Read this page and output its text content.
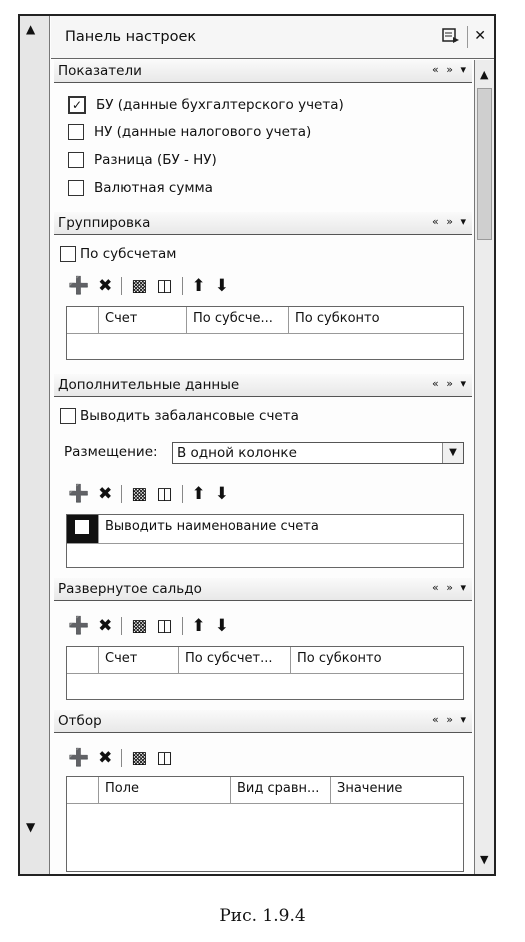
▲
▼
Панель настроек	✕
▲
▼
Показатели	« » ▾
✓ БУ (данные бухгалтерского учета)
НУ (данные налогового учета)
Разница (БУ - НУ)
Валютная сумма
Группировка	« » ▾
По субсчетам
➕ ✖ ▩ ◫ ⬆ ⬇
Счет	По субсче...	По субконто
Дополнительные данные	« » ▾
Выводить забалансовые счета
Размещение:	В одной колонке	▼
➕ ✖ ▩ ◫ ⬆ ⬇
Выводить наименование счета
Развернутое сальдо	« » ▾
➕ ✖ ▩ ◫ ⬆ ⬇
Счет	По субсчет...	По субконто
Отбор	« » ▾
➕ ✖ ▩ ◫
Поле	Вид сравн...	Значение
Рис. 1.9.4
